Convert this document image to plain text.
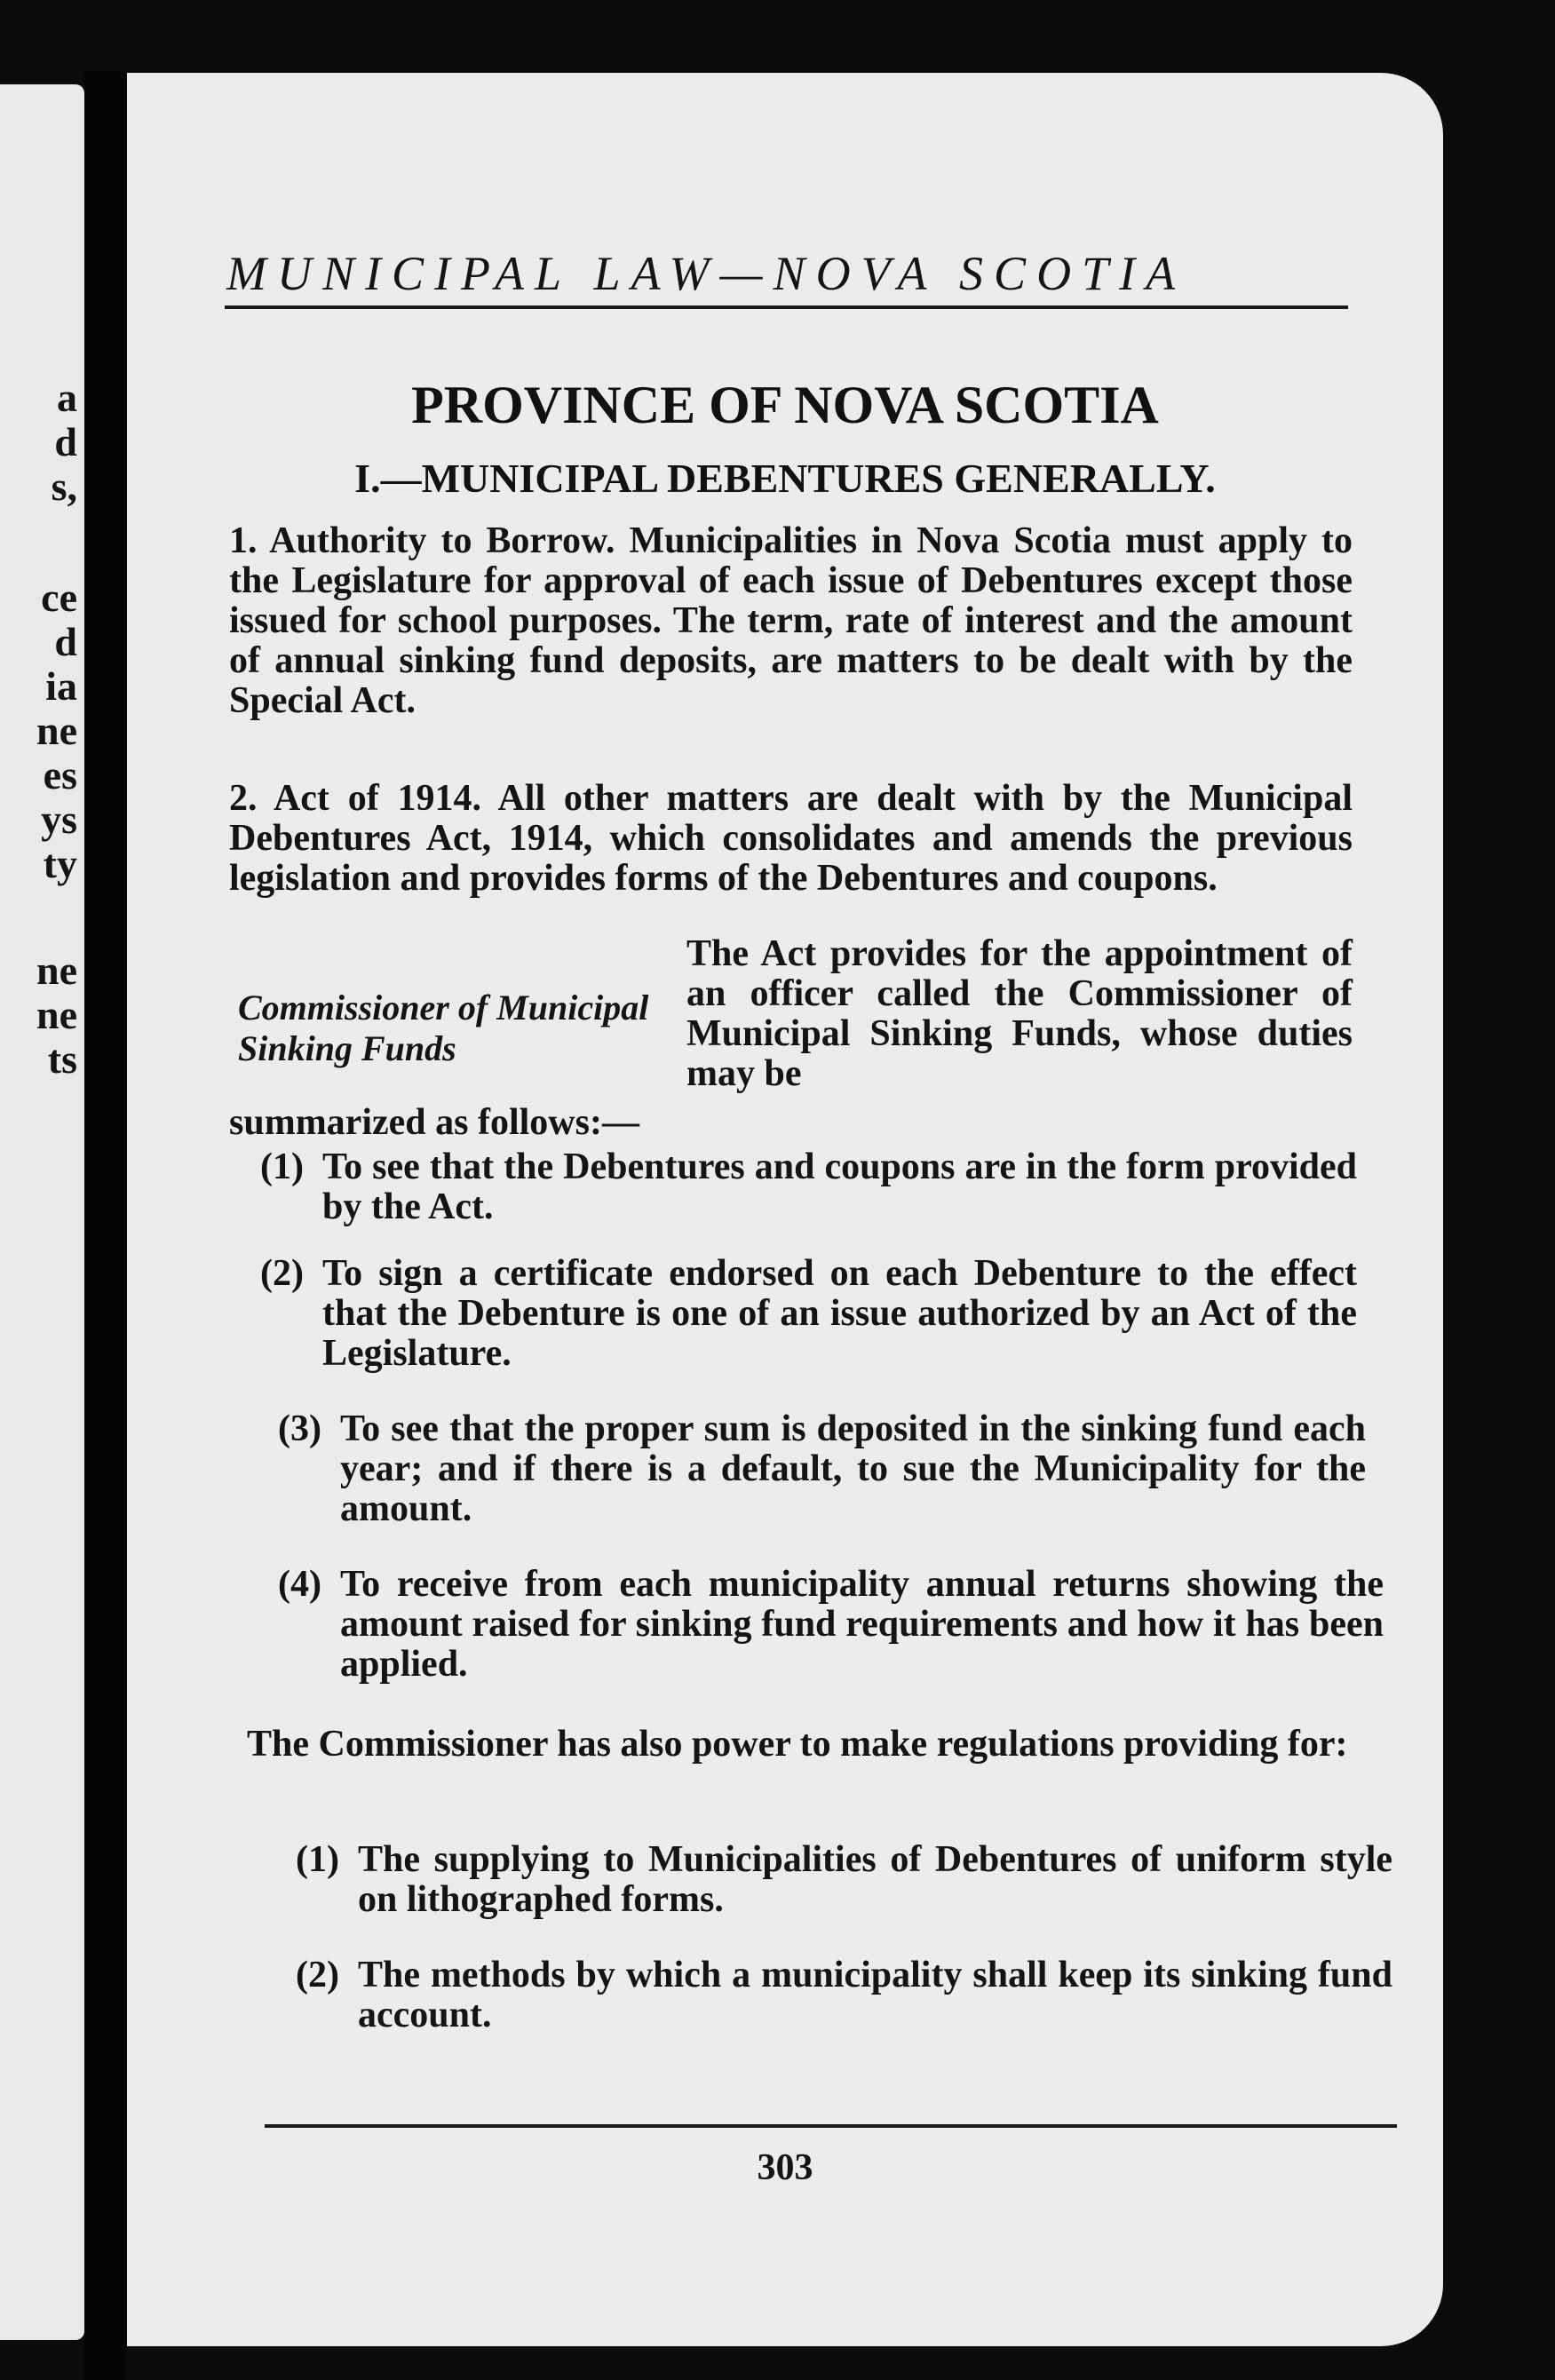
a
d
s,
ce
d
ia
ne
es
ys
ty
ne
ne
ts
MUNICIPAL LAW—NOVA SCOTIA
PROVINCE OF NOVA SCOTIA
I.—MUNICIPAL DEBENTURES GENERALLY.
1. Authority to Borrow. Municipalities in Nova Scotia must apply to the Legislature for approval of each issue of Debentures except those issued for school purposes. The term, rate of interest and the amount of annual sinking fund deposits, are matters to be dealt with by the Special Act.
2. Act of 1914. All other matters are dealt with by the Municipal Debentures Act, 1914, which consolidates and amends the previous legislation and provides forms of the Debentures and coupons.
Commissioner of Municipal Sinking Funds
The Act provides for the appointment of an officer called the Commissioner of Municipal Sinking Funds, whose duties may be
summarized as follows:—
(1) To see that the Debentures and coupons are in the form provided by the Act.
(2) To sign a certificate endorsed on each Debenture to the effect that the Debenture is one of an issue authorized by an Act of the Legislature.
(3) To see that the proper sum is deposited in the sinking fund each year; and if there is a default, to sue the Municipality for the amount.
(4) To receive from each municipality annual returns showing the amount raised for sinking fund requirements and how it has been applied.
The Commissioner has also power to make regulations providing for:
(1) The supplying to Municipalities of Debentures of uniform style on lithographed forms.
(2) The methods by which a municipality shall keep its sinking fund account.
303
